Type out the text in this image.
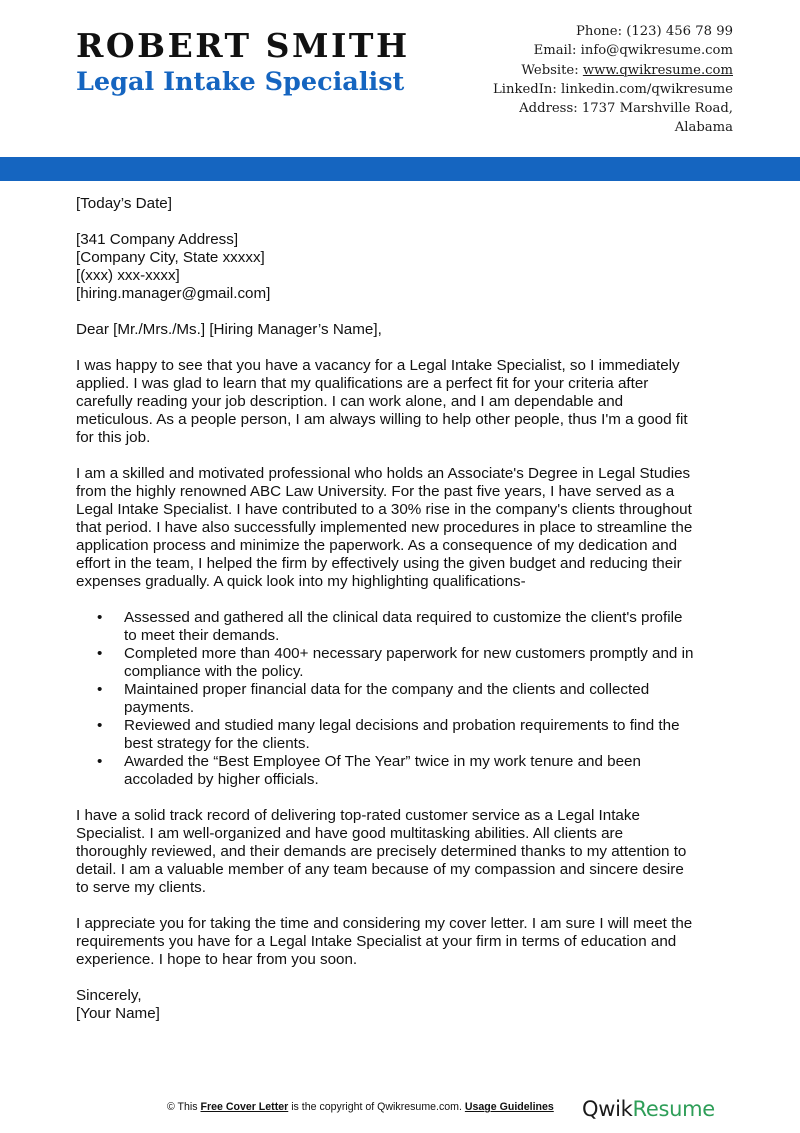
ROBERT SMITH
Legal Intake Specialist
Phone: (123) 456 78 99
Email: info@qwikresume.com
Website: www.qwikresume.com
LinkedIn: linkedin.com/qwikresume
Address: 1737 Marshville Road,
Alabama
[Today’s Date]
[341 Company Address]
[Company City, State xxxxx]
[(xxx) xxx-xxxx]
[hiring.manager@gmail.com]
Dear [Mr./Mrs./Ms.] [Hiring Manager’s Name],

I was happy to see that you have a vacancy for a Legal Intake Specialist, so I immediately
applied. I was glad to learn that my qualifications are a perfect fit for your criteria after
carefully reading your job description. I can work alone, and I am dependable and
meticulous. As a people person, I am always willing to help other people, thus I'm a good fit
for this job.

I am a skilled and motivated professional who holds an Associate's Degree in Legal Studies
from the highly renowned ABC Law University. For the past five years, I have served as a
Legal Intake Specialist. I have contributed to a 30% rise in the company's clients throughout
that period. I have also successfully implemented new procedures in place to streamline the
application process and minimize the paperwork. As a consequence of my dedication and
effort in the team, I helped the firm by effectively using the given budget and reducing their
expenses gradually. A quick look into my highlighting qualifications-

• Assessed and gathered all the clinical data required to customize the client's profile
to meet their demands.
• Completed more than 400+ necessary paperwork for new customers promptly and in
compliance with the policy.
• Maintained proper financial data for the company and the clients and collected
payments.
• Reviewed and studied many legal decisions and probation requirements to find the
best strategy for the clients.
• Awarded the “Best Employee Of The Year” twice in my work tenure and been
accoladed by higher officials.

I have a solid track record of delivering top-rated customer service as a Legal Intake
Specialist. I am well-organized and have good multitasking abilities. All clients are
thoroughly reviewed, and their demands are precisely determined thanks to my attention to
detail. I am a valuable member of any team because of my compassion and sincere desire
to serve my clients.

I appreciate you for taking the time and considering my cover letter. I am sure I will meet the
requirements you have for a Legal Intake Specialist at your firm in terms of education and
experience. I hope to hear from you soon.

Sincerely,
[Your Name]
© This Free Cover Letter is the copyright of Qwikresume.com. Usage Guidelines QwikResume
